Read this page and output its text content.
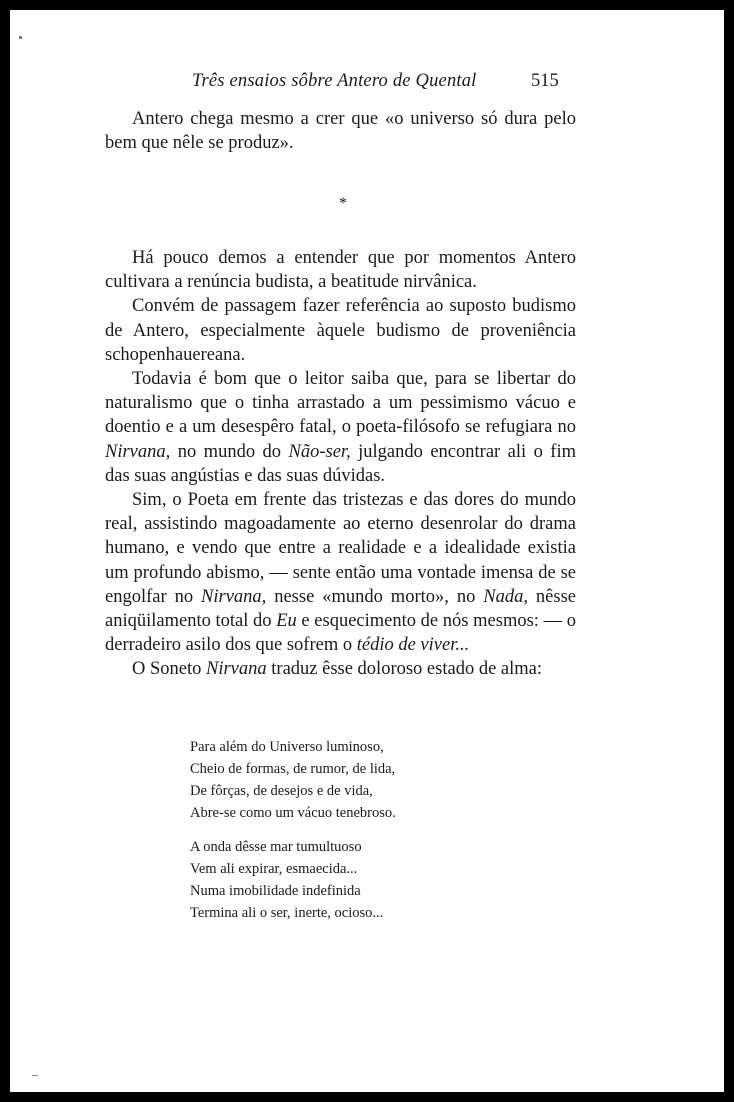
Três ensaios sôbre Antero de Quental	515

Antero chega mesmo a crer que «o universo só dura pelo bem que nêle se produz».

*

Há pouco demos a entender que por momentos Antero cultivara a renúncia budista, a beatitude nirvânica.

Convém de passagem fazer referência ao suposto budismo de Antero, especialmente àquele budismo de proveniência schopenhauereana.

Todavia é bom que o leitor saiba que, para se libertar do naturalismo que o tinha arrastado a um pessimismo vácuo e doentio e a um desespêro fatal, o poeta-filósofo se refugiara no Nirvana, no mundo do Não-ser, julgando encontrar ali o fim das suas angústias e das suas dúvidas.

Sim, o Poeta em frente das tristezas e das dores do mundo real, assistindo magoadamente ao eterno desenrolar do drama humano, e vendo que entre a realidade e a idealidade existia um profundo abismo, — sente então uma vontade imensa de se engolfar no Nirvana, nesse «mundo morto», no Nada, nêsse aniqüilamento total do Eu e esquecimento de nós mesmos: — o derradeiro asilo dos que sofrem o tédio de viver...

O Soneto Nirvana traduz êsse doloroso estado de alma:

Para além do Universo luminoso,
Cheio de formas, de rumor, de lida,
De fôrças, de desejos e de vida,
Abre-se como um vácuo tenebroso.
A onda dêsse mar tumultuoso
Vem ali expirar, esmaecida...
Numa imobilidade indefinida
Termina ali o ser, inerte, ocioso...
